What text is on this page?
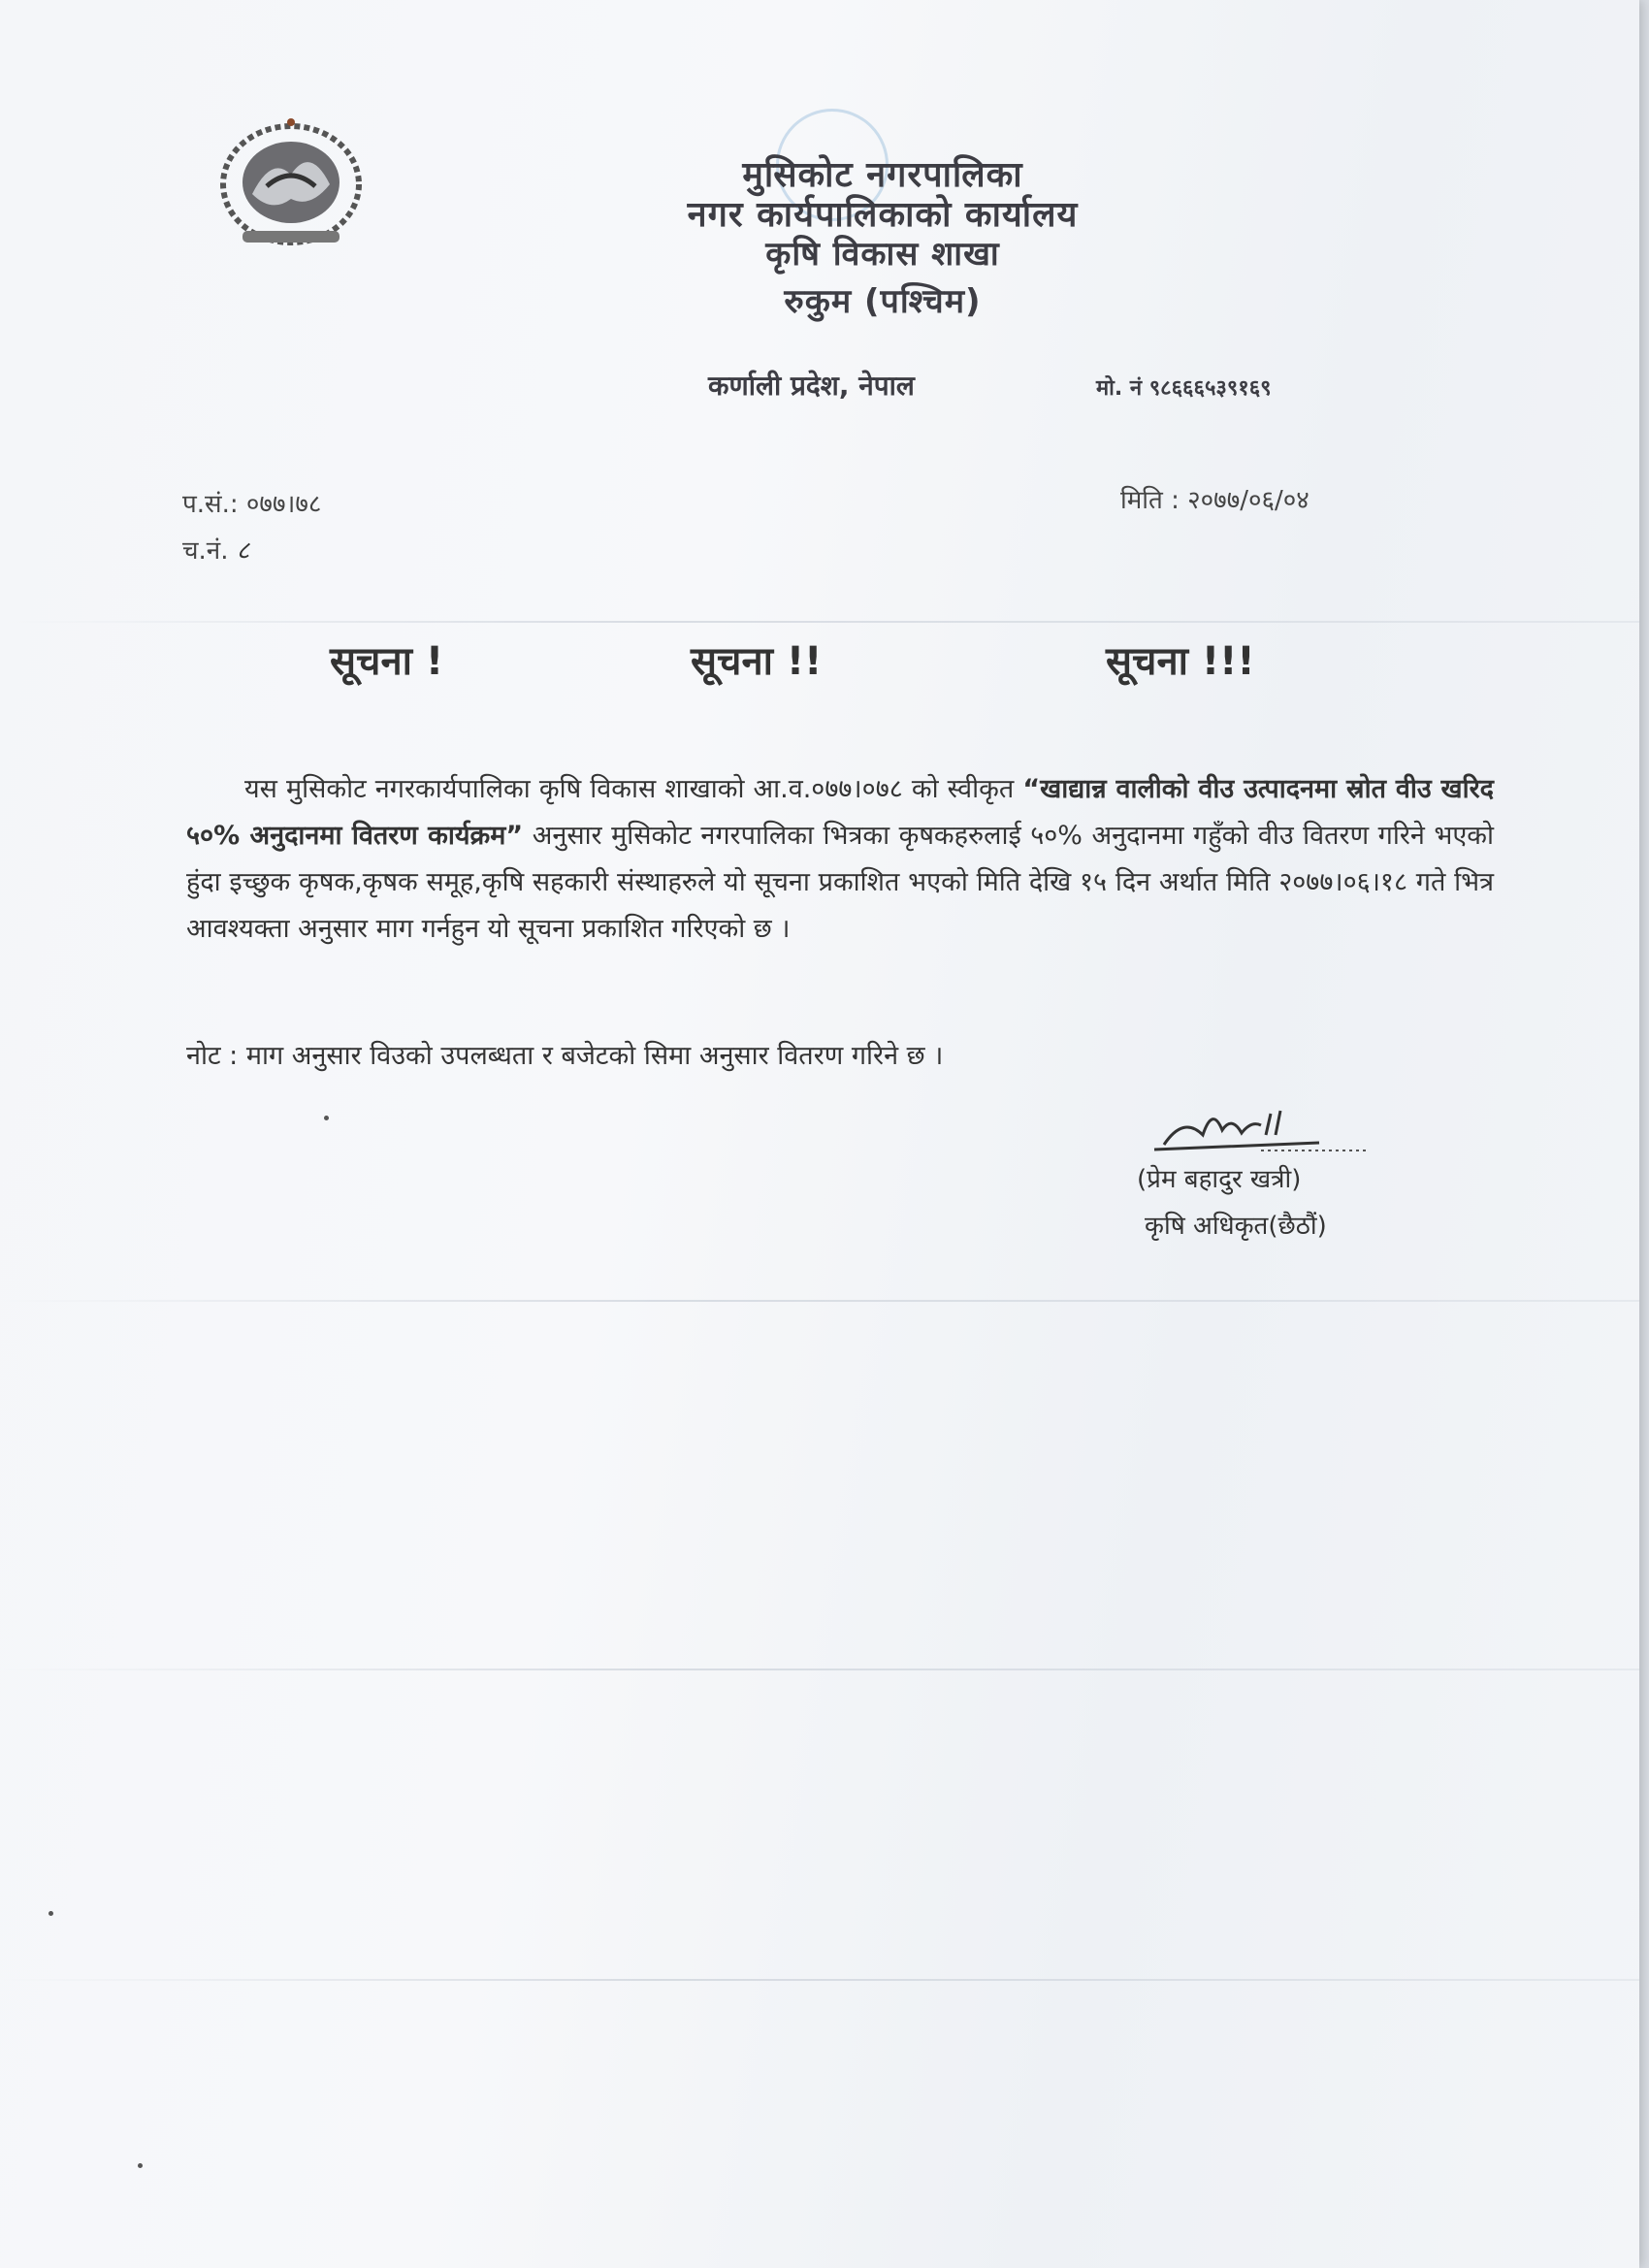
मुसिकोट नगरपालिका
नगर कार्यपालिकाको कार्यालय
कृषि विकास शाखा
रुकुम (पश्चिम)
कर्णाली प्रदेश, नेपाल	मो. नं ९८६६६५३९१६९
प.सं.: ०७७।७८
च.नं. ८
मिति : २०७७/०६/०४
सूचना !	सूचना !!	सूचना !!!

यस मुसिकोट नगरकार्यपालिका कृषि विकास शाखाको आ.व.०७७।०७८ को स्वीकृत “खाद्यान्न वालीको वीउ उत्पादनमा स्रोत वीउ खरिद ५०% अनुदानमा वितरण कार्यक्रम” अनुसार मुसिकोट नगरपालिका भित्रका कृषकहरुलाई ५०% अनुदानमा गहुँको वीउ वितरण गरिने भएको हुंदा इच्छुक कृषक,कृषक समूह,कृषि सहकारी संस्थाहरुले यो सूचना प्रकाशित भएको मिति देखि १५ दिन अर्थात मिति २०७७।०६।१८ गते भित्र आवश्यक्ता अनुसार माग गर्नहुन यो सूचना प्रकाशित गरिएको छ ।

नोट : माग अनुसार विउको उपलब्धता र बजेटको सिमा अनुसार वितरण गरिने छ ।
(प्रेम बहादुर खत्री)
कृषि अधिकृत(छैठौं)
